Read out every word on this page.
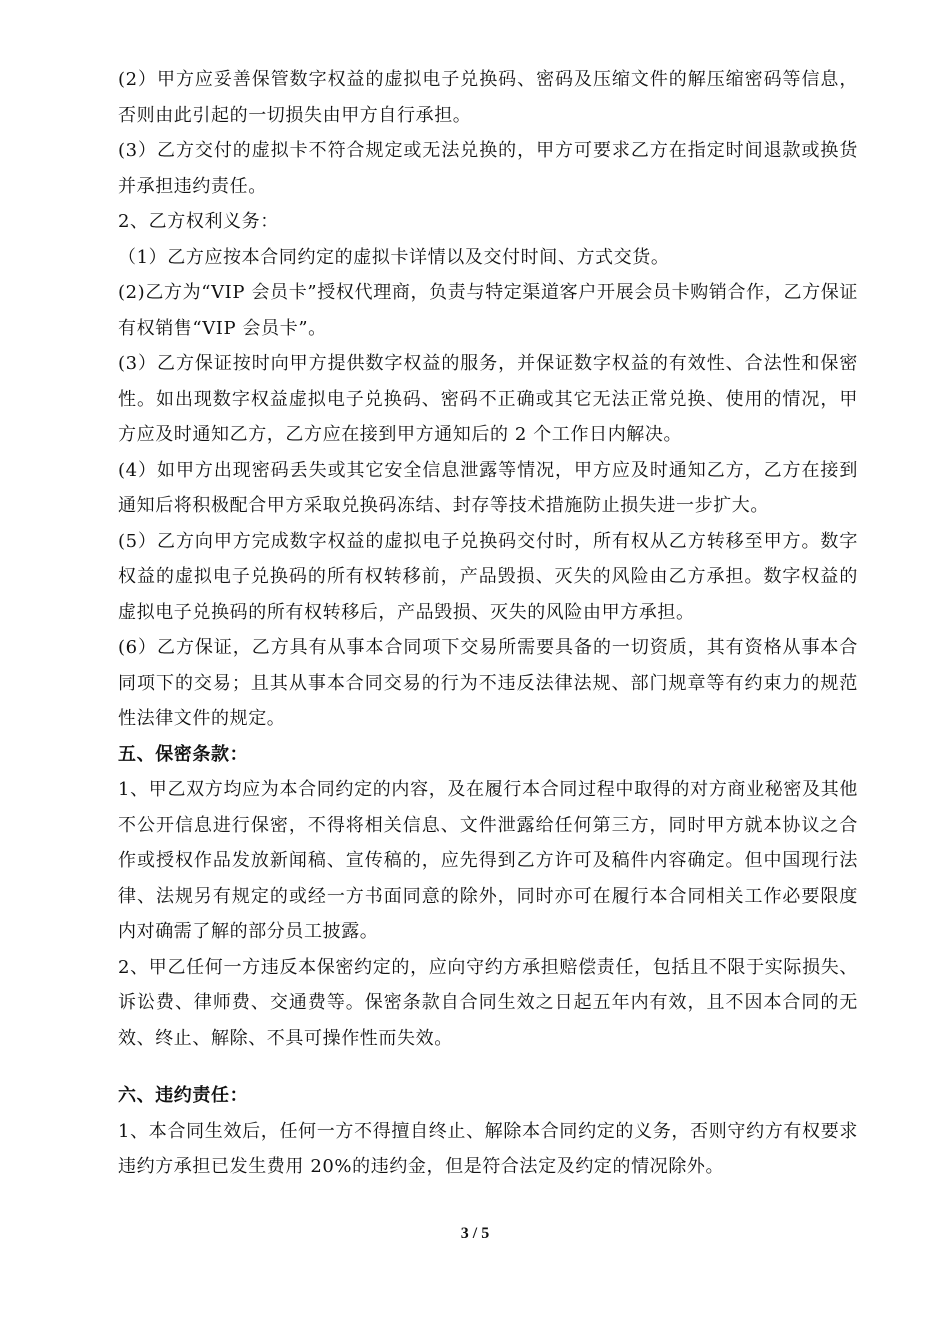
(2）甲方应妥善保管数字权益的虚拟电子兑换码、密码及压缩文件的解压缩密码等信息，否则由此引起的一切损失由甲方自行承担。

(3）乙方交付的虚拟卡不符合规定或无法兑换的，甲方可要求乙方在指定时间退款或换货并承担违约责任。

2、乙方权利义务：

（1）乙方应按本合同约定的虚拟卡详情以及交付时间、方式交货。

(2)乙方为“VIP 会员卡”授权代理商，负责与特定渠道客户开展会员卡购销合作，乙方保证有权销售“VIP 会员卡”。

(3）乙方保证按时向甲方提供数字权益的服务，并保证数字权益的有效性、合法性和保密性。如出现数字权益虚拟电子兑换码、密码不正确或其它无法正常兑换、使用的情况，甲方应及时通知乙方，乙方应在接到甲方通知后的 2 个工作日内解决。

(4）如甲方出现密码丢失或其它安全信息泄露等情况，甲方应及时通知乙方，乙方在接到通知后将积极配合甲方采取兑换码冻结、封存等技术措施防止损失进一步扩大。

(5）乙方向甲方完成数字权益的虚拟电子兑换码交付时，所有权从乙方转移至甲方。数字权益的虚拟电子兑换码的所有权转移前，产品毁损、灭失的风险由乙方承担。数字权益的虚拟电子兑换码的所有权转移后，产品毁损、灭失的风险由甲方承担。

(6）乙方保证，乙方具有从事本合同项下交易所需要具备的一切资质，其有资格从事本合同项下的交易；且其从事本合同交易的行为不违反法律法规、部门规章等有约束力的规范性法律文件的规定。

五、保密条款：

1、甲乙双方均应为本合同约定的内容，及在履行本合同过程中取得的对方商业秘密及其他不公开信息进行保密，不得将相关信息、文件泄露给任何第三方，同时甲方就本协议之合作或授权作品发放新闻稿、宣传稿的，应先得到乙方许可及稿件内容确定。但中国现行法律、法规另有规定的或经一方书面同意的除外，同时亦可在履行本合同相关工作必要限度内对确需了解的部分员工披露。

2、甲乙任何一方违反本保密约定的，应向守约方承担赔偿责任，包括且不限于实际损失、诉讼费、律师费、交通费等。保密条款自合同生效之日起五年内有效，且不因本合同的无效、终止、解除、不具可操作性而失效。

六、违约责任：

1、本合同生效后，任何一方不得擅自终止、解除本合同约定的义务，否则守约方有权要求违约方承担已发生费用 20%的违约金，但是符合法定及约定的情况除外。

3 / 5
